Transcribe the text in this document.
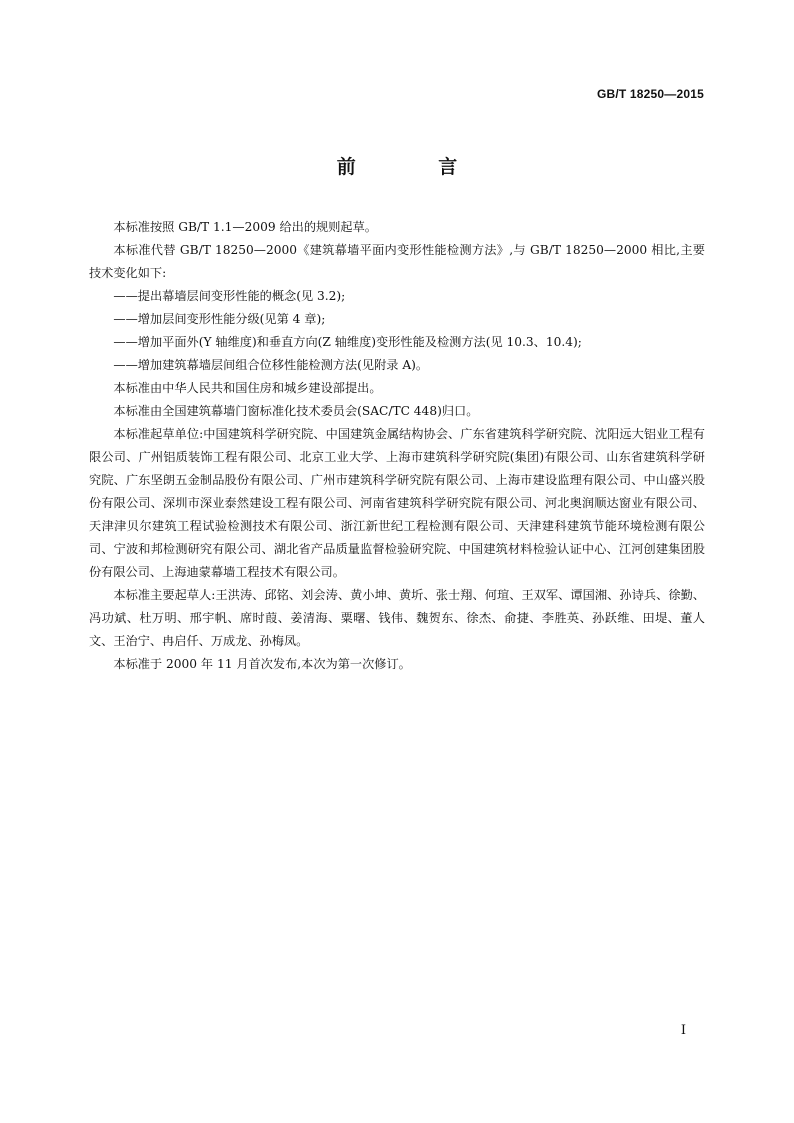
GB/T 18250—2015
前 言

本标准按照 GB/T 1.1—2009 给出的规则起草。

本标准代替 GB/T 18250—2000《建筑幕墙平面内变形性能检测方法》,与 GB/T 18250—2000 相比,主要技术变化如下:

——提出幕墙层间变形性能的概念(见 3.2);

——增加层间变形性能分级(见第 4 章);

——增加平面外(Y 轴维度)和垂直方向(Z 轴维度)变形性能及检测方法(见 10.3、10.4);

——增加建筑幕墙层间组合位移性能检测方法(见附录 A)。

本标准由中华人民共和国住房和城乡建设部提出。

本标准由全国建筑幕墙门窗标准化技术委员会(SAC/TC 448)归口。

本标准起草单位:中国建筑科学研究院、中国建筑金属结构协会、广东省建筑科学研究院、沈阳远大铝业工程有限公司、广州铝质装饰工程有限公司、北京工业大学、上海市建筑科学研究院(集团)有限公司、山东省建筑科学研究院、广东坚朗五金制品股份有限公司、广州市建筑科学研究院有限公司、上海市建设监理有限公司、中山盛兴股份有限公司、深圳市深业泰然建设工程有限公司、河南省建筑科学研究院有限公司、河北奥润顺达窗业有限公司、天津津贝尔建筑工程试验检测技术有限公司、浙江新世纪工程检测有限公司、天津建科建筑节能环境检测有限公司、宁波和邦检测研究有限公司、湖北省产品质量监督检验研究院、中国建筑材料检验认证中心、江河创建集团股份有限公司、上海迪蒙幕墙工程技术有限公司。

本标准主要起草人:王洪涛、邱铭、刘会涛、黄小坤、黄圻、张士翔、何瑄、王双军、谭国湘、孙诗兵、徐勤、冯功斌、杜万明、邢宇帆、席时葭、姜清海、粟曙、钱伟、魏贺东、徐杰、俞捷、李胜英、孙跃维、田堤、董人文、王治宁、冉启仟、万成龙、孙梅凤。

本标准于 2000 年 11 月首次发布,本次为第一次修订。

I
